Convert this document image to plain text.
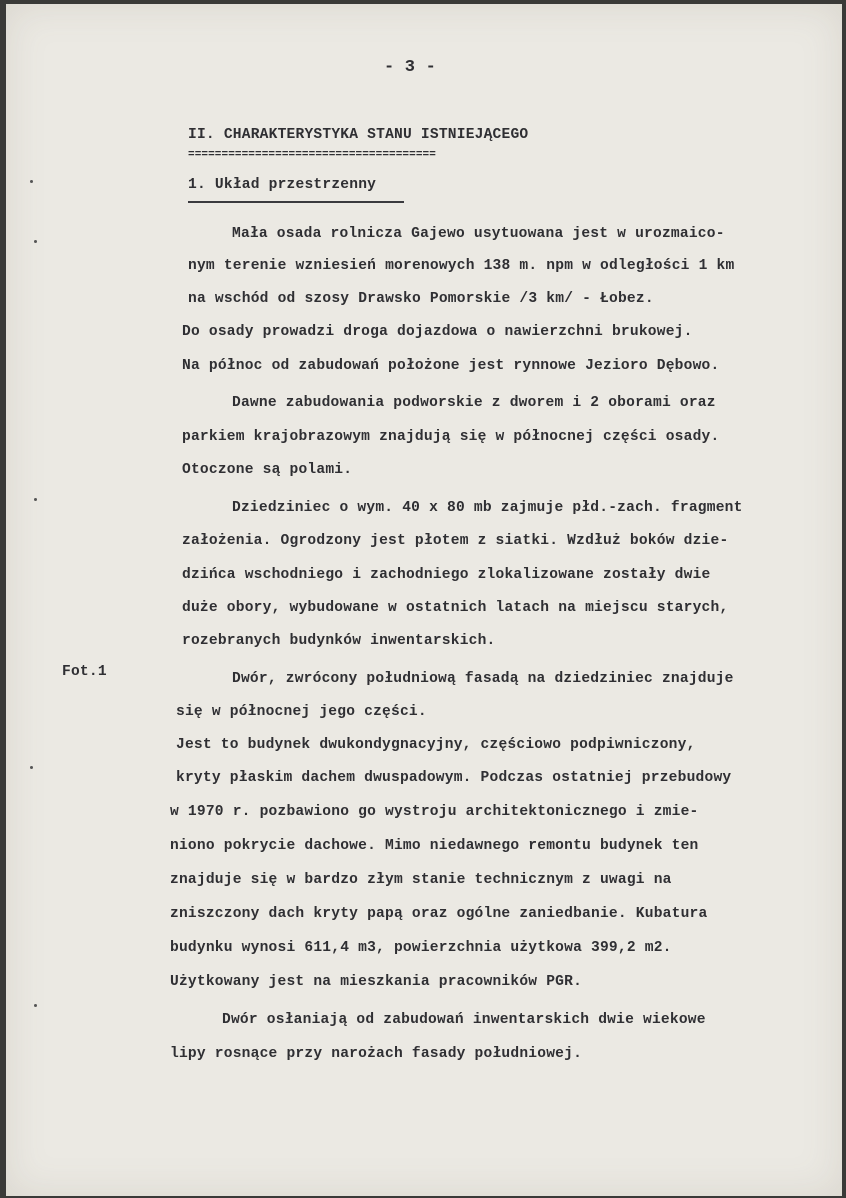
- 3 -
II. CHARAKTERYSTYKA STANU ISTNIEJĄCEGO
=====================================
1. Układ przestrzenny
Fot.1
Mała osada rolnicza Gajewo usytuowana jest w urozmaico-
nym terenie wzniesień morenowych 138 m. npm w odległości 1 km
na wschód od szosy Drawsko Pomorskie /3 km/ - Łobez.
Do osady prowadzi droga dojazdowa o nawierzchni brukowej.
Na północ od zabudowań położone jest rynnowe Jezioro Dębowo.
Dawne zabudowania podworskie z dworem i 2 oborami oraz
parkiem krajobrazowym znajdują się w północnej części osady.
Otoczone są polami.
Dziedziniec o wym. 40 x 80 mb zajmuje płd.-zach. fragment
założenia. Ogrodzony jest płotem z siatki. Wzdłuż boków dzie-
dzińca wschodniego i zachodniego zlokalizowane zostały dwie
duże obory, wybudowane w ostatnich latach na miejscu starych,
rozebranych budynków inwentarskich.
Dwór, zwrócony południową fasadą na dziedziniec znajduje
się w północnej jego części.
Jest to budynek dwukondygnacyjny, częściowo podpiwniczony,
kryty płaskim dachem dwuspadowym. Podczas ostatniej przebudowy
w 1970 r. pozbawiono go wystroju architektonicznego i zmie-
niono pokrycie dachowe. Mimo niedawnego remontu budynek ten
znajduje się w bardzo złym stanie technicznym z uwagi na
zniszczony dach kryty papą oraz ogólne zaniedbanie. Kubatura
budynku wynosi 611,4 m3, powierzchnia użytkowa 399,2 m2.
Użytkowany jest na mieszkania pracowników PGR.
Dwór osłaniają od zabudowań inwentarskich dwie wiekowe
lipy rosnące przy narożach fasady południowej.
